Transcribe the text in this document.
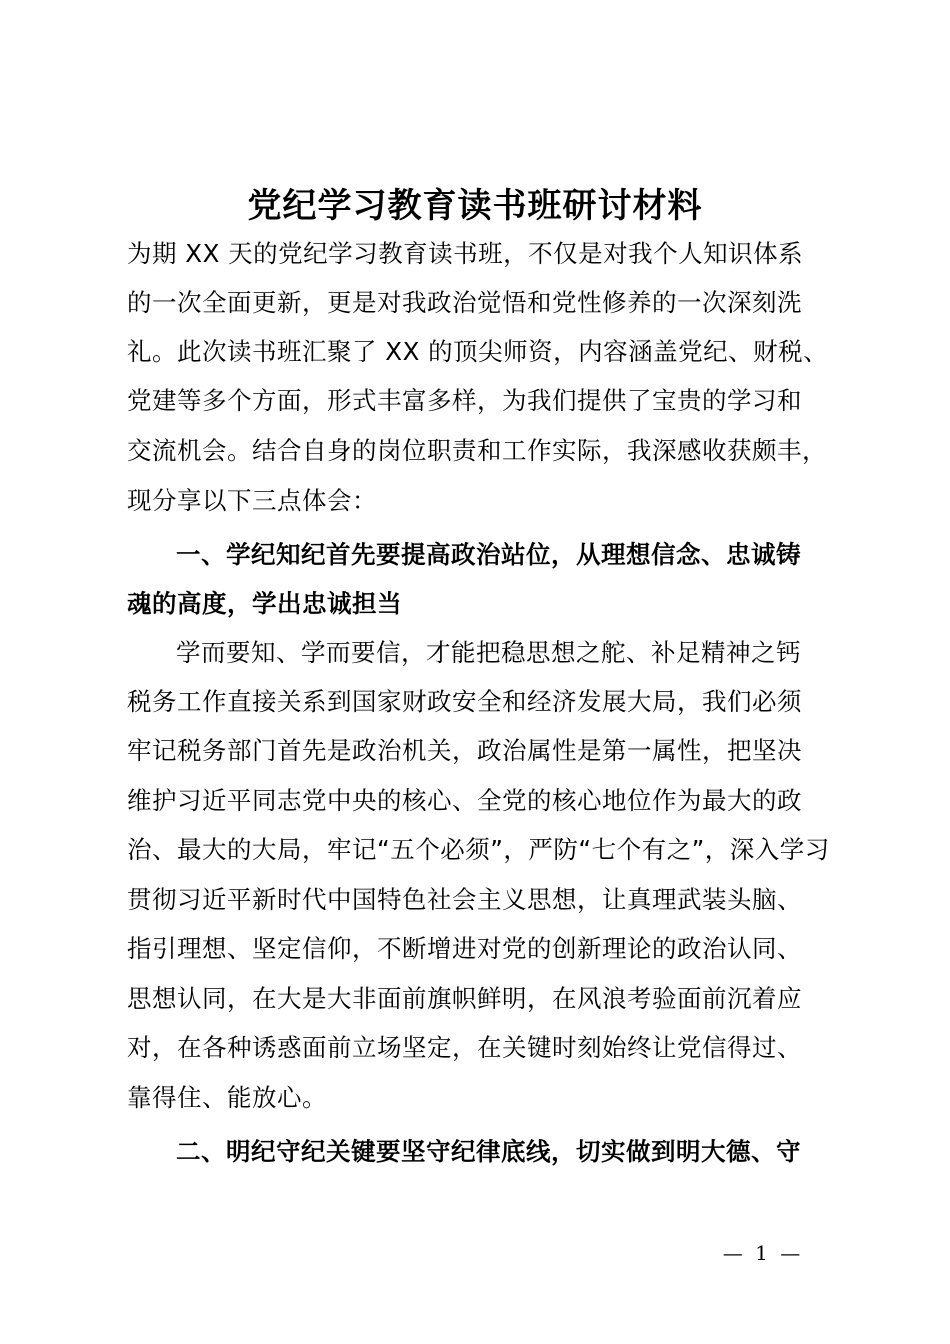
党纪学习教育读书班研讨材料

为期 XX 天的党纪学习教育读书班，不仅是对我个人知识体系

的一次全面更新，更是对我政治觉悟和党性修养的一次深刻洗

礼。此次读书班汇聚了 XX 的顶尖师资，内容涵盖党纪、财税、

党建等多个方面，形式丰富多样，为我们提供了宝贵的学习和

交流机会。结合自身的岗位职责和工作实际，我深感收获颇丰，

现分享以下三点体会：

一、学纪知纪首先要提高政治站位，从理想信念、忠诚铸

魂的高度，学出忠诚担当

学而要知、学而要信，才能把稳思想之舵、补足精神之钙

税务工作直接关系到国家财政安全和经济发展大局，我们必须

牢记税务部门首先是政治机关，政治属性是第一属性，把坚决

维护习近平同志党中央的核心、全党的核心地位作为最大的政

治、最大的大局，牢记“五个必须”，严防“七个有之”，深入学习

贯彻习近平新时代中国特色社会主义思想，让真理武装头脑、

指引理想、坚定信仰，不断增进对党的创新理论的政治认同、

思想认同，在大是大非面前旗帜鲜明，在风浪考验面前沉着应

对，在各种诱惑面前立场坚定，在关键时刻始终让党信得过、

靠得住、能放心。

二、明纪守纪关键要坚守纪律底线，切实做到明大德、守

— 1 —
